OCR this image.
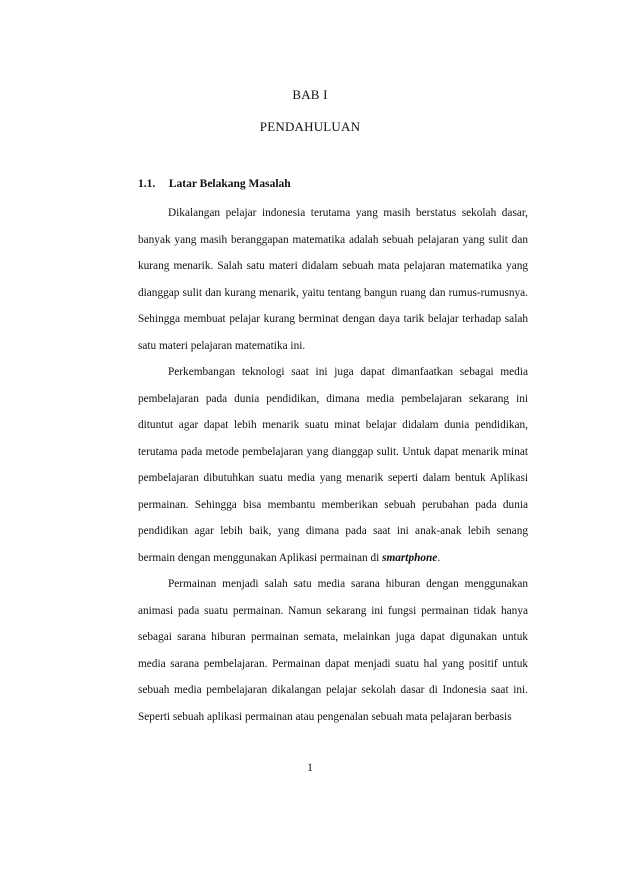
BAB I
PENDAHULUAN
1.1. Latar Belakang Masalah

Dikalangan pelajar indonesia terutama yang masih berstatus sekolah dasar, banyak yang masih beranggapan matematika adalah sebuah pelajaran yang sulit dan kurang menarik. Salah satu materi didalam sebuah mata pelajaran matematika yang dianggap sulit dan kurang menarik, yaitu tentang bangun ruang dan rumus-rumusnya. Sehingga membuat pelajar kurang berminat dengan daya tarik belajar terhadap salah satu materi pelajaran matematika ini.

Perkembangan teknologi saat ini juga dapat dimanfaatkan sebagai media pembelajaran pada dunia pendidikan, dimana media pembelajaran sekarang ini dituntut agar dapat lebih menarik suatu minat belajar didalam dunia pendidikan, terutama pada metode pembelajaran yang dianggap sulit. Untuk dapat menarik minat pembelajaran dibutuhkan suatu media yang menarik seperti dalam bentuk Aplikasi permainan. Sehingga bisa membantu memberikan sebuah perubahan pada dunia pendidikan agar lebih baik, yang dimana pada saat ini anak-anak lebih senang bermain dengan menggunakan Aplikasi permainan di smartphone.

Permainan menjadi salah satu media sarana hiburan dengan menggunakan animasi pada suatu permainan. Namun sekarang ini fungsi permainan tidak hanya sebagai sarana hiburan permainan semata, melainkan juga dapat digunakan untuk media sarana pembelajaran. Permainan dapat menjadi suatu hal yang positif untuk sebuah media pembelajaran dikalangan pelajar sekolah dasar di Indonesia saat ini. Seperti sebuah aplikasi permainan atau pengenalan sebuah mata pelajaran berbasis

1
